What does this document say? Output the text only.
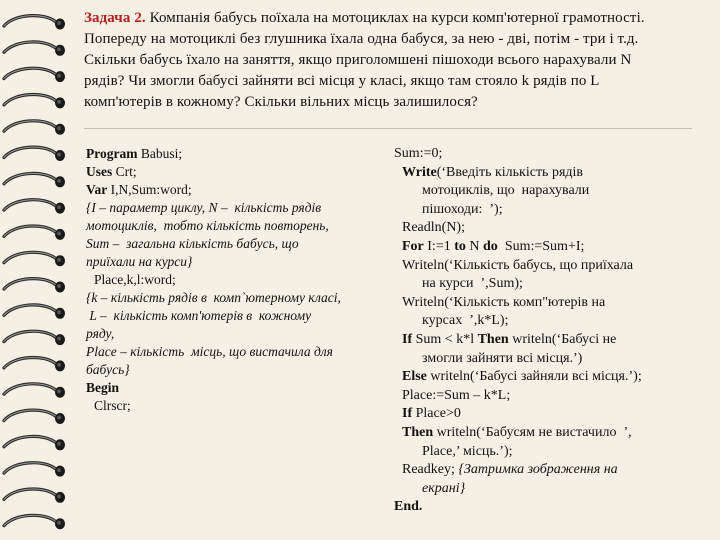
Задача 2. Компанія бабусь поїхала на мотоциклах на курси комп'ютерної грамотності.
Попереду на мотоциклі без глушника їхала одна бабуся, за нею - дві, потім - три і т.д.
Скільки бабусь їхало на заняття, якщо приголомшені пішоходи всього нарахували N
рядів? Чи змогли бабусі зайняти всі місця у класі, якщо там стояло k рядів по L
комп'ютерів в кожному? Скільки вільних місць залишилося?

Program Babusi;
Uses Crt;
Var I,N,Sum:word;
{I – параметр циклу, N –  кількість рядів
мотоциклів,  тобто кількість повторень,
Sum –  загальна кількість бабусь, що
приїхали на курси}
Place,k,l:word;
{k – кількість рядів в  комп`ютерному класі,
L –  кількість комп'ютерів в  кожному
ряду,
Place – кількість  місць, що вистачила для
бабусь}
Begin
Clrscr;
Sum:=0;
Write(‘Введіть кількість рядів
мотоциклів, що  нарахували
пішоходи:  ’);
Readln(N);
For I:=1 to N do  Sum:=Sum+I;
Writeln(‘Кількість бабусь, що приїхала
на курси  ’,Sum);
Writeln(‘Кількість комп"ютерів на
курсах  ’,k*L);
If Sum < k*l Then writeln(‘Бабусі не
змогли зайняти всі місця.’)
Else writeln(‘Бабусі зайняли всі місця.’);
Place:=Sum – k*L;
If Place>0
Then writeln(‘Бабусям не вистачило  ’,
Place,’ місць.’);
Readkey; {Затримка зображення на
екрані}
End.
